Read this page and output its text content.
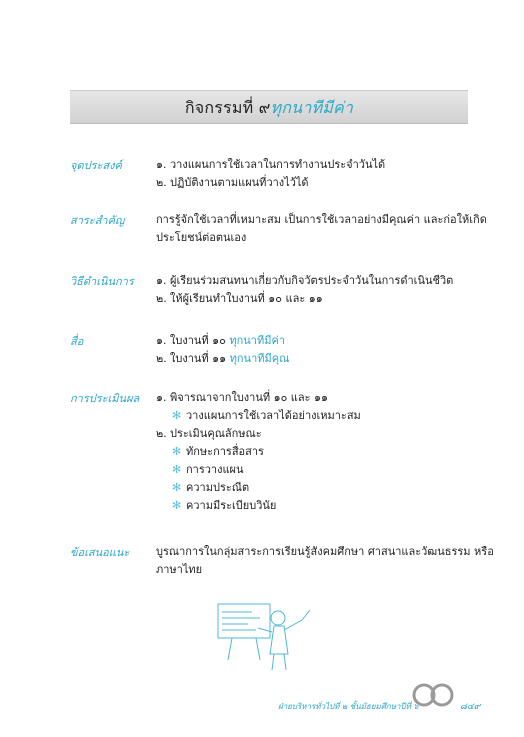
กิจกรรมที่ ๙ทุกนาทีมีค่า
จุดประสงค์	๑. วางแผนการใช้เวลาในการทำงานประจำวันได้
๒. ปฏิบัติงานตามแผนที่วางไว้ได้
สาระสำคัญ	การรู้จักใช้เวลาที่เหมาะสม เป็นการใช้เวลาอย่างมีคุณค่า และก่อให้เกิด
ประโยชน์ต่อตนเอง
วิธีดำเนินการ ๑. ผู้เรียนร่วมสนทนาเกี่ยวกับกิจวัตรประจำวันในการดำเนินชีวิต
๒. ให้ผู้เรียนทำใบงานที่ ๑๐ และ ๑๑
สื่อ	๑. ใบงานที่ ๑๐ ทุกนาทีมีค่า
๒. ใบงานที่ ๑๑ ทุกนาทีมีคุณ
การประเมินผล ๑. พิจารณาจากใบงานที่ ๑๐ และ ๑๑
✻ วางแผนการใช้เวลาได้อย่างเหมาะสม
๒. ประเมินคุณลักษณะ
✻ ทักษะการสื่อสาร
✻ การวางแผน
✻ ความประณีต
✻ ความมีระเบียบวินัย
ข้อเสนอแนะ บูรณาการในกลุ่มสาระการเรียนรู้สังคมศึกษา ศาสนาและวัฒนธรรม หรือ
ภาษาไทย
ฝ่ายบริหารทั่วไปที่ ๒ ชั้นมัธยมศึกษาปีที่ ๖	๘๔๙
